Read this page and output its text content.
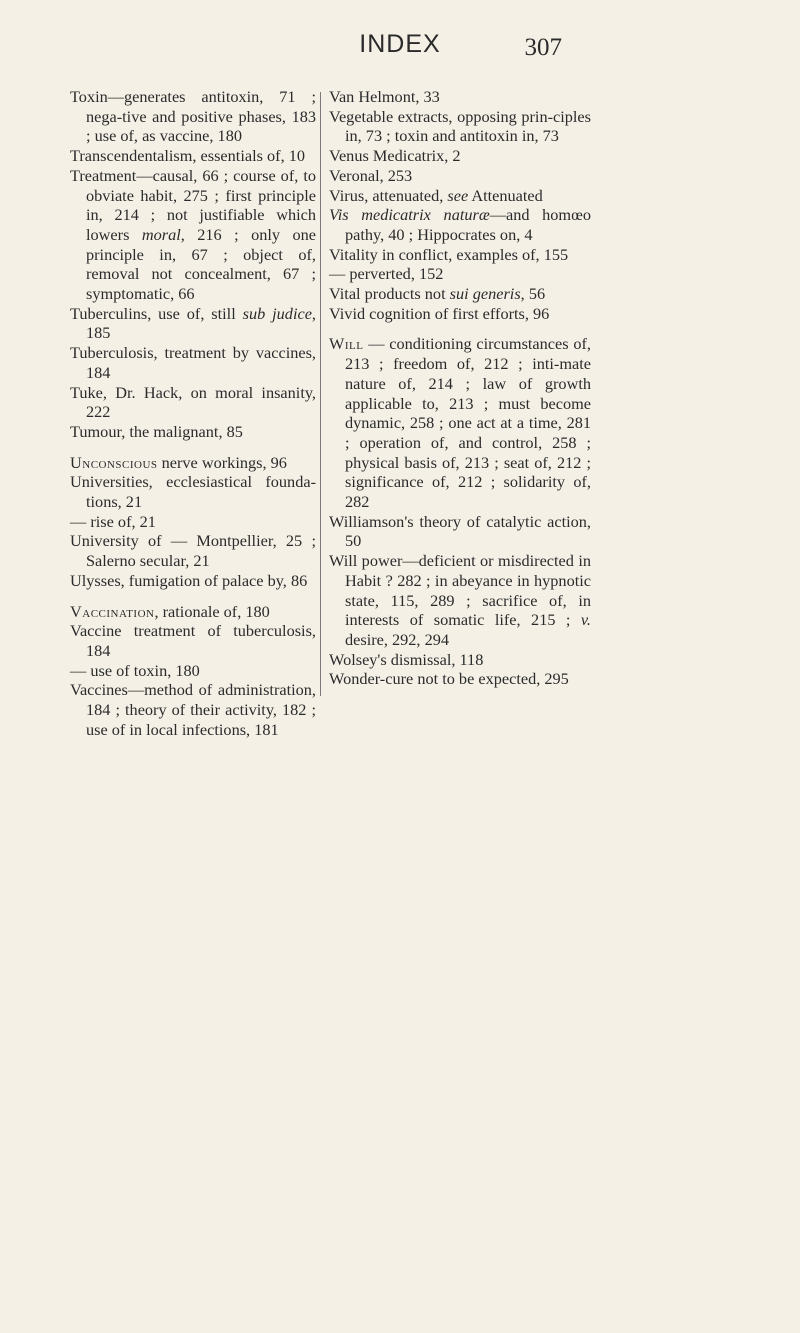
INDEX	307
Toxin—generates antitoxin, 71 ; nega-tive and positive phases, 183 ; use of, as vaccine, 180
Transcendentalism, essentials of, 10
Treatment—causal, 66 ; course of, to obviate habit, 275 ; first principle in, 214 ; not justifiable which lowers moral, 216 ; only one principle in, 67 ; object of, removal not concealment, 67 ; symptomatic, 66
Tuberculins, use of, still sub judice, 185
Tuberculosis, treatment by vaccines, 184
Tuke, Dr. Hack, on moral insanity, 222
Tumour, the malignant, 85
Unconscious nerve workings, 96
Universities, ecclesiastical founda-tions, 21
— rise of, 21
University of — Montpellier, 25 ; Salerno secular, 21
Ulysses, fumigation of palace by, 86
Vaccination, rationale of, 180
Vaccine treatment of tuberculosis, 184
— use of toxin, 180
Vaccines—method of administration, 184 ; theory of their activity, 182 ; use of in local infections, 181
Van Helmont, 33
Vegetable extracts, opposing prin-ciples in, 73 ; toxin and antitoxin in, 73
Venus Medicatrix, 2
Veronal, 253
Virus, attenuated, see Attenuated
Vis medicatrix naturæ—and homœo pathy, 40 ; Hippocrates on, 4
Vitality in conflict, examples of, 155
— perverted, 152
Vital products not sui generis, 56
Vivid cognition of first efforts, 96
Will — conditioning circumstances of, 213 ; freedom of, 212 ; inti-mate nature of, 214 ; law of growth applicable to, 213 ; must become dynamic, 258 ; one act at a time, 281 ; operation of, and control, 258 ; physical basis of, 213 ; seat of, 212 ; significance of, 212 ; solidarity of, 282
Williamson's theory of catalytic action, 50
Will power—deficient or misdirected in Habit ? 282 ; in abeyance in hypnotic state, 115, 289 ; sacrifice of, in interests of somatic life, 215 ; v. desire, 292, 294
Wolsey's dismissal, 118
Wonder-cure not to be expected, 295
